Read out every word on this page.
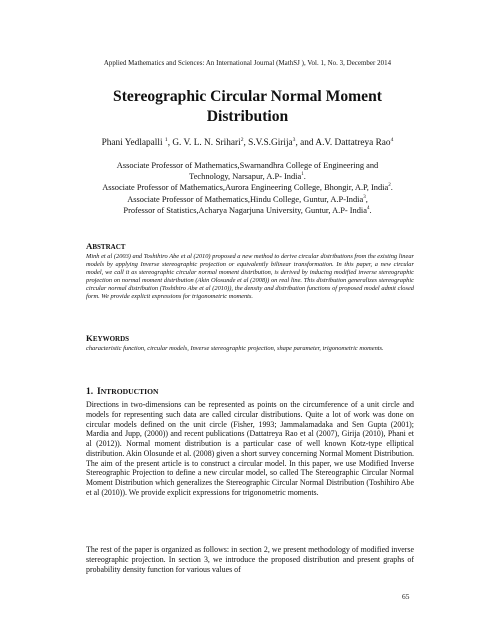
Applied Mathematics and Sciences: An International Journal (MathSJ ), Vol. 1, No. 3, December 2014
Stereographic Circular Normal Moment
Distribution
Phani Yedlapalli $^1$, G. V. L. N. Srihari$^2$, S.V.S.Girija$^3$, and A.V. Dattatreya Rao$^4$
Associate Professor of Mathematics,Swarnandhra College of Engineering and
Technology, Narsapur, A.P- India$^1$.
Associate Professor of Mathematics,Aurora Engineering College, Bhongir, A.P, India$^2$.
Associate Professor of Mathematics,Hindu College, Guntur, A.P-India$^3$,
Professor of Statistics,Acharya Nagarjuna University, Guntur, A.P- India$^4$.
ABSTRACT
Minh et al (2003) and Toshihiro Abe et al (2010) proposed a new method to derive circular distributions from the existing linear models by applying Inverse stereographic projection or equivalently bilinear transformation. In this paper, a new circular model, we call it as stereographic circular normal moment distribution, is derived by inducing modified inverse stereographic projection on normal moment distribution (Akin Olosunde et al (2008)) on real line. This distribution generalizes stereographic circular normal distribution (Toshihiro Abe et al (2010)), the density and distribution functions of proposed model admit closed form. We provide explicit expressions for trigonometric moments.
KEYWORDS
characteristic function, circular models, Inverse stereographic projection, shape parameter, trigonometric moments.
1. INTRODUCTION
Directions in two-dimensions can be represented as points on the circumference of a unit circle and models for representing such data are called circular distributions. Quite a lot of work was done on circular models defined on the unit circle (Fisher, 1993; Jammalamadaka and Sen Gupta (2001); Mardia and Jupp, (2000)) and recent publications (Dattatreya Rao et al (2007), Girija (2010), Phani et al (2012)). Normal moment distribution is a particular case of well known Kotz-type elliptical distribution. Akin Olosunde et al. (2008) given a short survey concerning Normal Moment Distribution. The aim of the present article is to construct a circular model. In this paper, we use Modified Inverse Stereographic Projection to define a new circular model, so called The Stereographic Circular Normal Moment Distribution which generalizes the Stereographic Circular Normal Distribution (Toshihiro Abe et al (2010)). We provide explicit expressions for trigonometric moments.
The rest of the paper is organized as follows: in section 2, we present methodology of modified inverse stereographic projection. In section 3, we introduce the proposed distribution and present graphs of probability density function for various values of
65
